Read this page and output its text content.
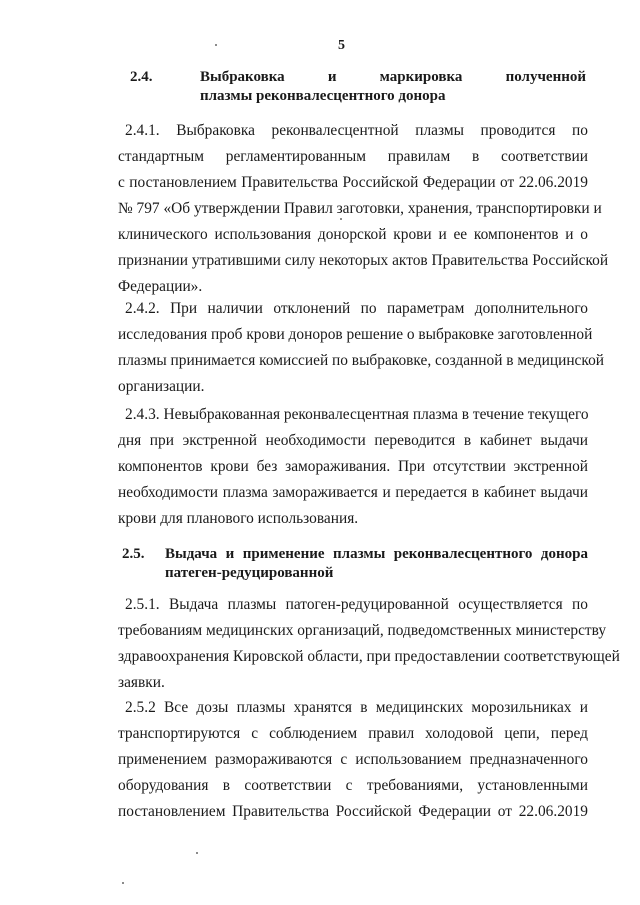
5
2.4.	Выбраковка и маркировка полученной
плазмы реконвалесцентного донора
2.4.1. Выбраковка реконвалесцентной плазмы проводится по
стандартным регламентированным правилам в соответствии
с постановлением Правительства Российской Федерации от 22.06.2019
№ 797 «Об утверждении Правил заготовки, хранения, транспортировки и
клинического использования донорской крови и ее компонентов и о
признании утратившими силу некоторых актов Правительства Российской
Федерации».
2.4.2. При наличии отклонений по параметрам дополнительного
исследования проб крови доноров решение о выбраковке заготовленной
плазмы принимается комиссией по выбраковке, созданной в медицинской
организации.
2.4.3. Невыбракованная реконвалесцентная плазма в течение текущего
дня при экстренной необходимости переводится в кабинет выдачи
компонентов крови без замораживания. При отсутствии экстренной
необходимости плазма замораживается и передается в кабинет выдачи
крови для планового использования.
2.5. Выдача и применение плазмы реконвалесцентного донора
патеген-редуцированной
2.5.1. Выдача плазмы патоген-редуцированной осуществляется по
требованиям медицинских организаций, подведомственных министерству
здравоохранения Кировской области, при предоставлении соответствующей
заявки.
2.5.2 Все дозы плазмы хранятся в медицинских морозильниках и
транспортируются с соблюдением правил холодовой цепи, перед
применением размораживаются с использованием предназначенного
оборудования в соответствии с требованиями, установленными
постановлением Правительства Российской Федерации от 22.06.2019
